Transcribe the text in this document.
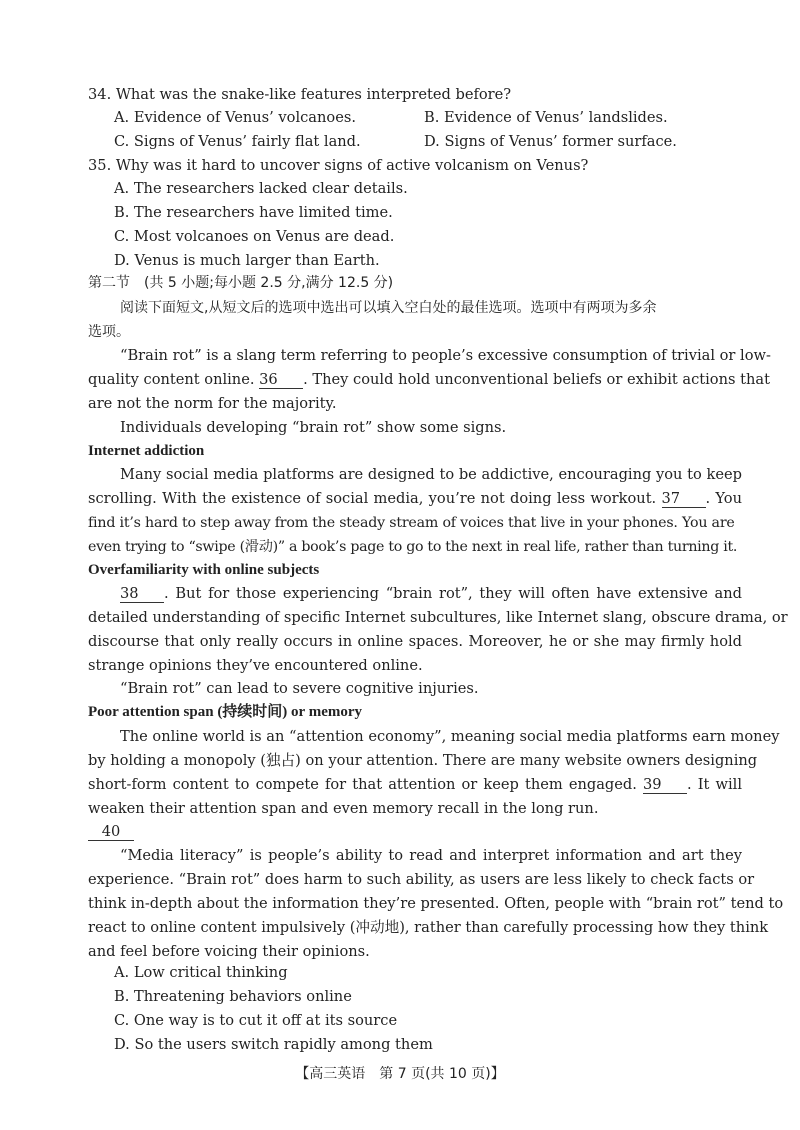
34. What was the snake-like features interpreted before?
A. Evidence of Venus’ volcanoes.	B. Evidence of Venus’ landslides.
C. Signs of Venus’ fairly flat land.	D. Signs of Venus’ former surface.
35. Why was it hard to uncover signs of active volcanism on Venus?
A. The researchers lacked clear details.
B. The researchers have limited time.
C. Most volcanoes on Venus are dead.
D. Venus is much larger than Earth.
第二节　(共 5 小题;每小题 2.5 分,满分 12.5 分)
阅读下面短文,从短文后的选项中选出可以填入空白处的最佳选项。选项中有两项为多余
选项。
“Brain rot” is a slang term referring to people’s excessive consumption of trivial or low-
quality content online. 36 . They could hold unconventional beliefs or exhibit actions that
are not the norm for the majority.
Individuals developing “brain rot” show some signs.
Internet addiction
Many social media platforms are designed to be addictive, encouraging you to keep
scrolling. With the existence of social media, you’re not doing less workout. 37 . You
find it’s hard to step away from the steady stream of voices that live in your phones. You are
even trying to “swipe (滑动)” a book’s page to go to the next in real life, rather than turning it.
Overfamiliarity with online subjects
38 . But for those experiencing “brain rot”, they will often have extensive and
detailed understanding of specific Internet subcultures, like Internet slang, obscure drama, or
discourse that only really occurs in online spaces. Moreover, he or she may firmly hold
strange opinions they’ve encountered online.
“Brain rot” can lead to severe cognitive injuries.
Poor attention span (持续时间) or memory
The online world is an “attention economy”, meaning social media platforms earn money
by holding a monopoly (独占) on your attention. There are many website owners designing
short-form content to compete for that attention or keep them engaged. 39 . It will
weaken their attention span and even memory recall in the long run.
40
“Media literacy” is people’s ability to read and interpret information and art they
experience. “Brain rot” does harm to such ability, as users are less likely to check facts or
think in-depth about the information they’re presented. Often, people with “brain rot” tend to
react to online content impulsively (冲动地), rather than carefully processing how they think
and feel before voicing their opinions.
A. Low critical thinking
B. Threatening behaviors online
C. One way is to cut it off at its source
D. So the users switch rapidly among them
【高三英语　第 7 页(共 10 页)】
